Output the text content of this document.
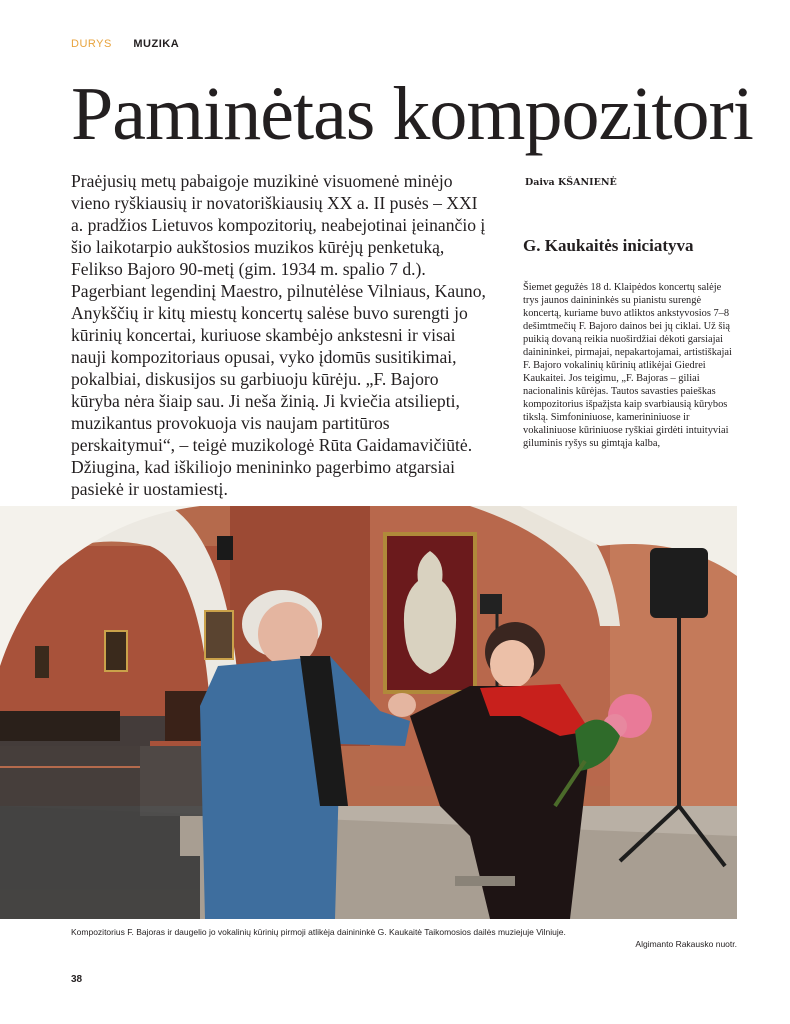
DURYS MUZIKA
Paminėtas kompozitori

Praėjusių metų pabaigoje muzikinė visuomenė minėjo vieno ryškiausių ir novatoriškiausių XX a. II pusės – XXI a. pradžios Lietuvos kompozitorių, neabejotinai įeinančio į šio laikotarpio aukštosios muzikos kūrėjų penketuką, Felikso Bajoro 90-metį (gim. 1934 m. spalio 7 d.). Pagerbiant legendinį Maestro, pilnutėlėse Vilniaus, Kauno, Anykščių ir kitų miestų koncertų salėse buvo surengti jo kūrinių koncertai, kuriuose skambėjo ankstesni ir visai nauji kompozitoriaus opusai, vyko įdomūs susitikimai, pokalbiai, diskusijos su garbiuoju kūrėju. „F. Bajoro kūryba nėra šiaip sau. Ji neša žinią. Ji kviečia atsiliepti, muzikantus provokuoja vis naujam partitūros perskaitymui“, – teigė muzikologė Rūta Gaidamavičiūtė. Džiugina, kad iškiliojo menininko pagerbimo atgarsiai pasiekė ir uostamiestį.

Daiva KŠANIENĖ
G. Kaukaitės iniciatyva

Šiemet gegužės 18 d. Klaipėdos koncertų salėje trys jaunos dainininkės su pianistu surengė koncertą, kuriame buvo atliktos ankstyvosios 7–8 dešimtmečių F. Bajoro dainos bei jų ciklai. Už šią puikią dovaną reikia nuoširdžiai dėkoti garsiajai dainininkei, pirmajai, nepakartojamai, artistiškajai F. Bajoro vokalinių kūrinių atlikėjai Giedrei Kaukaitei. Jos teigimu, „F. Bajoras – giliai nacionalinis kūrėjas. Tautos savasties paieškas kompozitorius išpažįsta kaip svarbiausią kūrybos tikslą. Simfoniniuose, kamerininiuose ir vokaliniuose kūriniuose ryškiai girdėti intuityviai giluminis ryšys su gimtąja kalba,

Kompozitorius F. Bajoras ir daugelio jo vokalinių kūrinių pirmoji atlikėja dainininkė G. Kaukaitė Taikomosios dailės muziejuje Vilniuje.
Algimanto Rakausko nuotr.
38
